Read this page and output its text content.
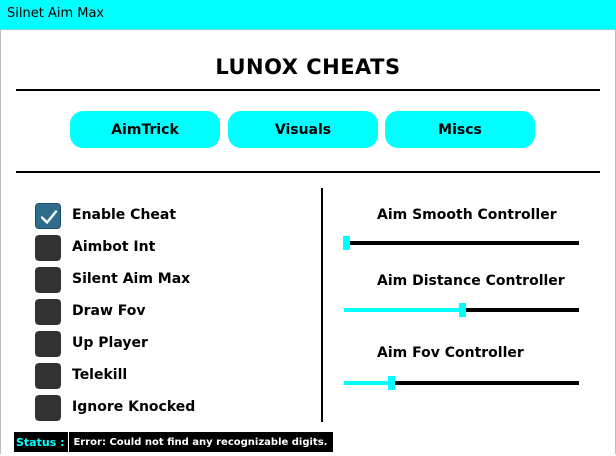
Silnet Aim Max
LUNOX CHEATS
AimTrick	Visuals	Miscs
Enable Cheat
Aimbot Int
Silent Aim Max
Draw Fov
Up Player
Telekill
Ignore Knocked
Aim Smooth Controller
Aim Distance Controller
Aim Fov Controller
Status : Error: Could not find any recognizable digits.
